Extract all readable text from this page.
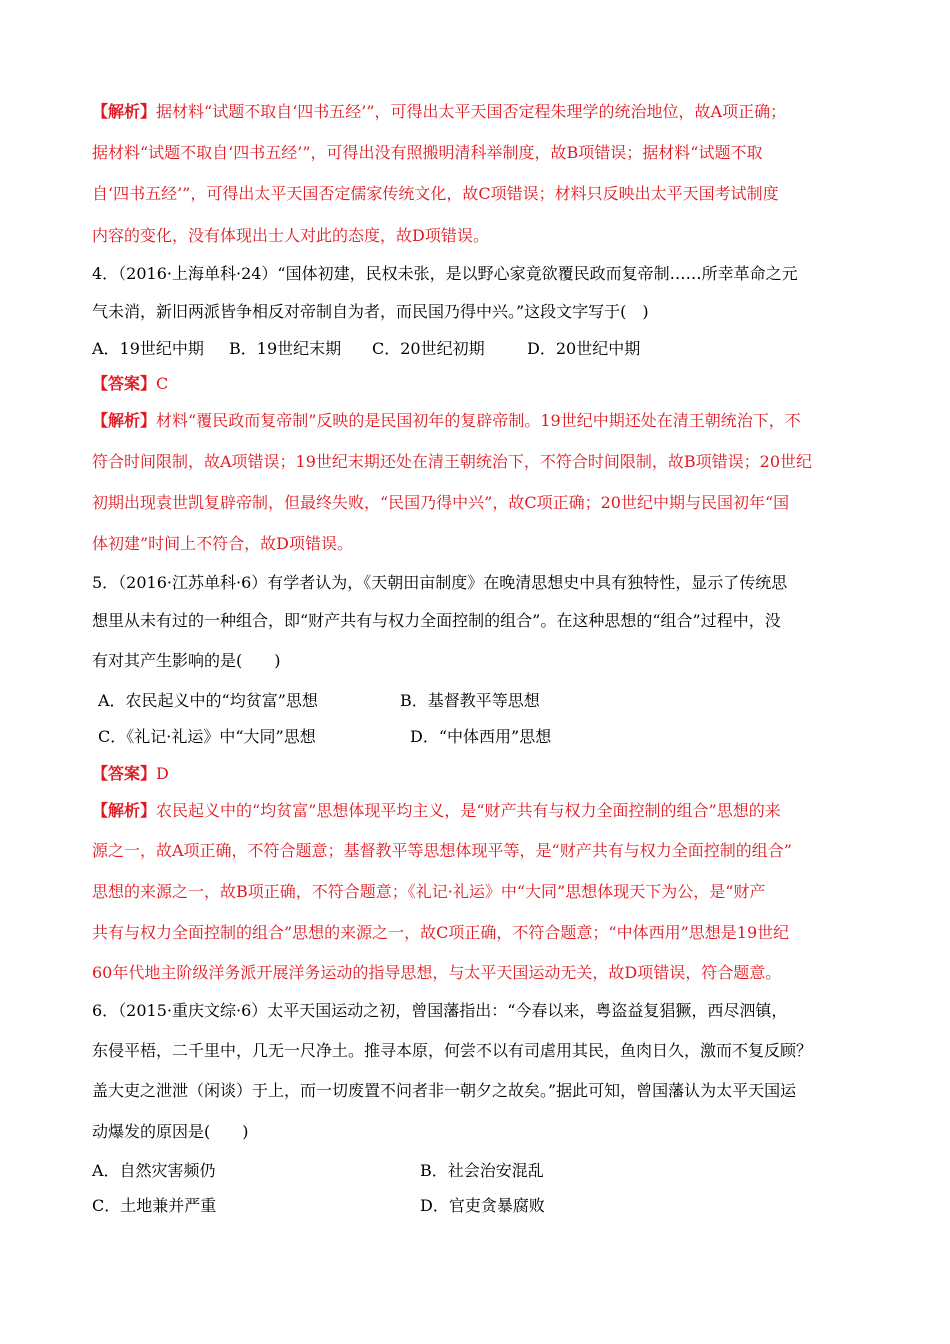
【解析】据材料“试题不取自‘四书五经’”，可得出太平天国否定程朱理学的统治地位，故A项正确；
据材料“试题不取自‘四书五经’”，可得出没有照搬明清科举制度，故B项错误；据材料“试题不取
自‘四书五经’”，可得出太平天国否定儒家传统文化，故C项错误；材料只反映出太平天国考试制度
内容的变化，没有体现出士人对此的态度，故D项错误。
4．（2016·上海单科·24）“国体初建，民权未张，是以野心家竟欲覆民政而复帝制……所幸革命之元
气未消，新旧两派皆争相反对帝制自为者，而民国乃得中兴。”这段文字写于(　)
A．19世纪中期 B．19世纪末期 C．20世纪初期	D．20世纪中期
【答案】C
【解析】材料“覆民政而复帝制”反映的是民国初年的复辟帝制。19世纪中期还处在清王朝统治下，不
符合时间限制，故A项错误；19世纪末期还处在清王朝统治下，不符合时间限制，故B项错误；20世纪
初期出现袁世凯复辟帝制，但最终失败，“民国乃得中兴”，故C项正确；20世纪中期与民国初年“国
体初建”时间上不符合，故D项错误。
5．（2016·江苏单科·6）有学者认为，《天朝田亩制度》在晚清思想史中具有独特性，显示了传统思
想里从未有过的一种组合，即“财产共有与权力全面控制的组合”。在这种思想的“组合”过程中，没
有对其产生影响的是(　　)
A．农民起义中的“均贫富”思想	B．基督教平等思想
C．《礼记·礼运》中“大同”思想	D．“中体西用”思想
【答案】D
【解析】农民起义中的“均贫富”思想体现平均主义，是“财产共有与权力全面控制的组合”思想的来
源之一，故A项正确，不符合题意；基督教平等思想体现平等，是“财产共有与权力全面控制的组合”
思想的来源之一，故B项正确，不符合题意；《礼记·礼运》中“大同”思想体现天下为公，是“财产
共有与权力全面控制的组合”思想的来源之一，故C项正确，不符合题意；“中体西用”思想是19世纪
60年代地主阶级洋务派开展洋务运动的指导思想，与太平天国运动无关，故D项错误，符合题意。
6．（2015·重庆文综·6）太平天国运动之初，曾国藩指出：“今春以来，粤盗益复猖獗，西尽泗镇，
东侵平梧，二千里中，几无一尺净土。推寻本原，何尝不以有司虐用其民，鱼肉日久，激而不复反顾？
盖大吏之泄泄（闲谈）于上，而一切废置不问者非一朝夕之故矣。”据此可知，曾国藩认为太平天国运
动爆发的原因是(　　)
A．自然灾害频仍	B．社会治安混乱
C．土地兼并严重	D．官吏贪暴腐败
